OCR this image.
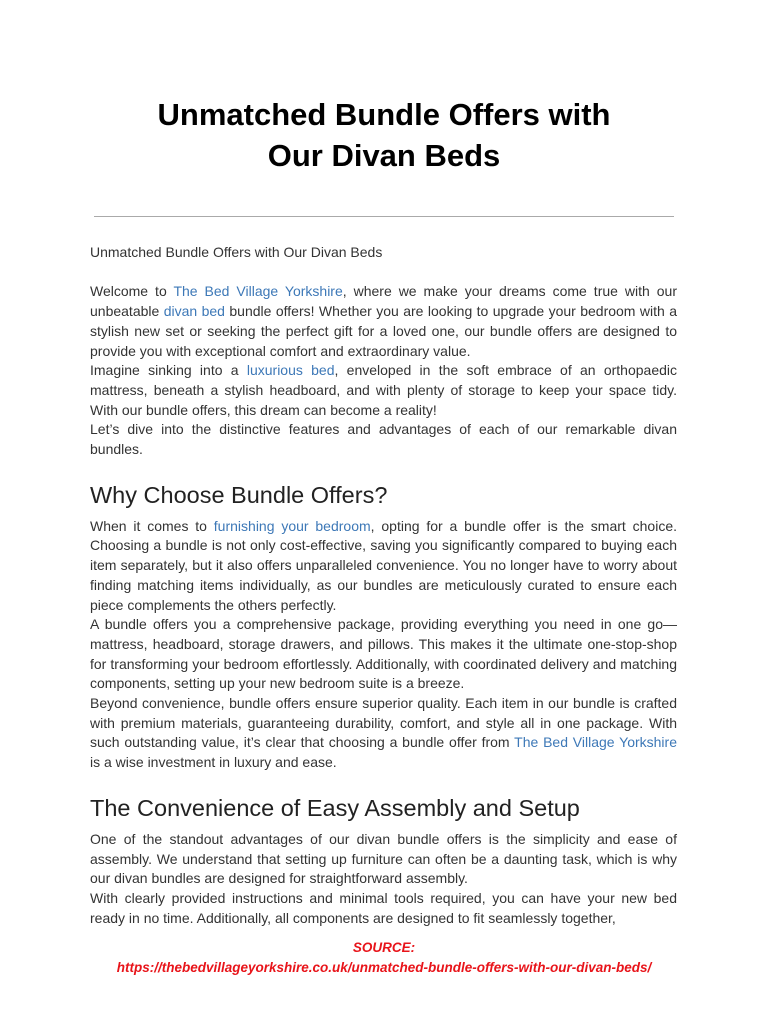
Unmatched Bundle Offers with
Our Divan Beds

Unmatched Bundle Offers with Our Divan Beds

Welcome to The Bed Village Yorkshire, where we make your dreams come true with our unbeatable divan bed bundle offers! Whether you are looking to upgrade your bedroom with a stylish new set or seeking the perfect gift for a loved one, our bundle offers are designed to provide you with exceptional comfort and extraordinary value.

Imagine sinking into a luxurious bed, enveloped in the soft embrace of an orthopaedic mattress, beneath a stylish headboard, and with plenty of storage to keep your space tidy. With our bundle offers, this dream can become a reality!

Let’s dive into the distinctive features and advantages of each of our remarkable divan bundles.

Why Choose Bundle Offers?

When it comes to furnishing your bedroom, opting for a bundle offer is the smart choice. Choosing a bundle is not only cost-effective, saving you significantly compared to buying each item separately, but it also offers unparalleled convenience. You no longer have to worry about finding matching items individually, as our bundles are meticulously curated to ensure each piece complements the others perfectly.

A bundle offers you a comprehensive package, providing everything you need in one go—mattress, headboard, storage drawers, and pillows. This makes it the ultimate one-stop-shop for transforming your bedroom effortlessly. Additionally, with coordinated delivery and matching components, setting up your new bedroom suite is a breeze.

Beyond convenience, bundle offers ensure superior quality. Each item in our bundle is crafted with premium materials, guaranteeing durability, comfort, and style all in one package. With such outstanding value, it’s clear that choosing a bundle offer from The Bed Village Yorkshire is a wise investment in luxury and ease.

The Convenience of Easy Assembly and Setup

One of the standout advantages of our divan bundle offers is the simplicity and ease of assembly. We understand that setting up furniture can often be a daunting task, which is why our divan bundles are designed for straightforward assembly.

With clearly provided instructions and minimal tools required, you can have your new bed ready in no time. Additionally, all components are designed to fit seamlessly together,

SOURCE:
https://thebedvillageyorkshire.co.uk/unmatched-bundle-offers-with-our-divan-beds/
